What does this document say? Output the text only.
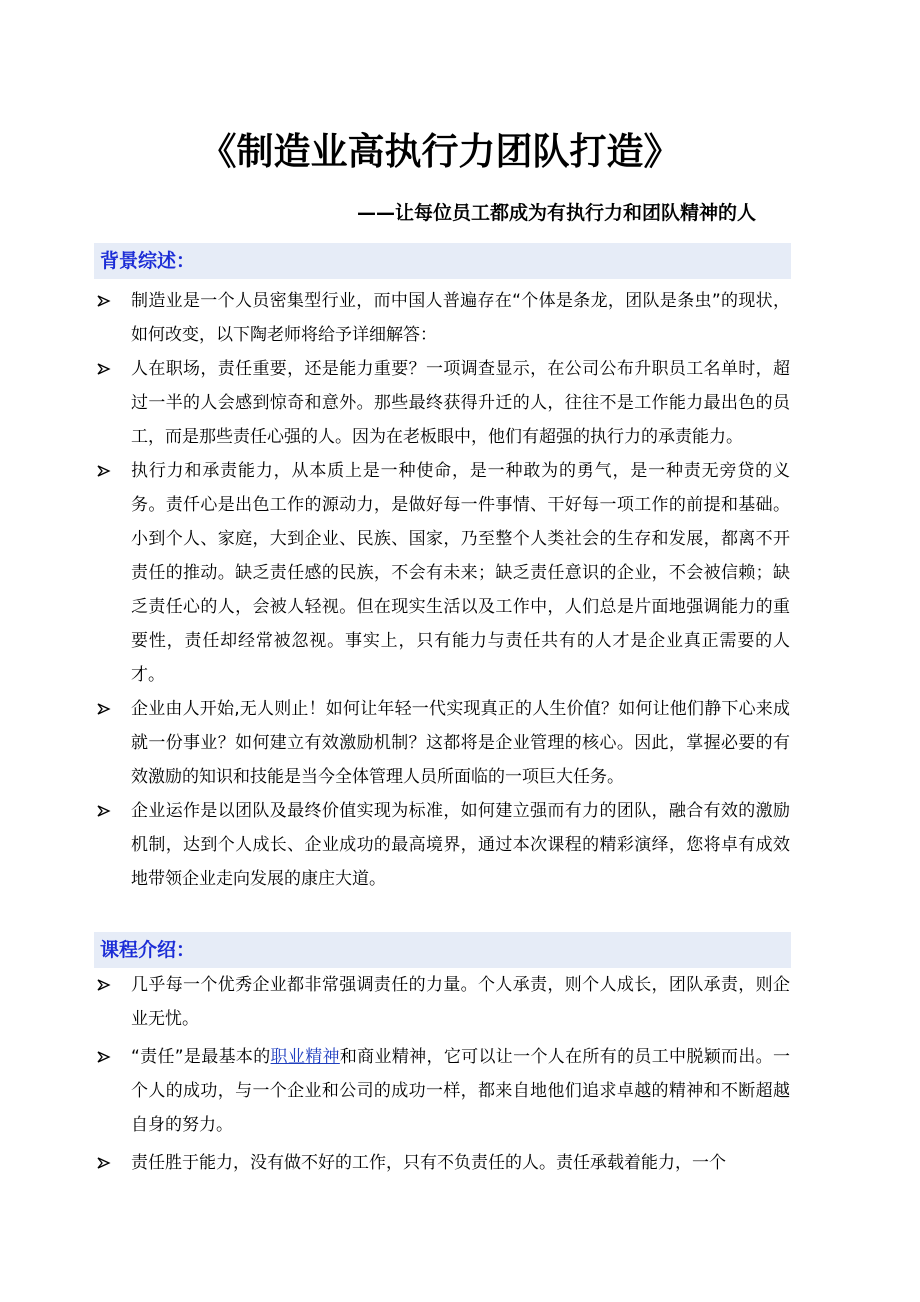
《制造业高执行力团队打造》

——让每位员工都成为有执行力和团队精神的人

背景综述：
制造业是一个人员密集型行业，而中国人普遍存在“个体是条龙，团队是条虫”的现状，如何改变，以下陶老师将给予详细解答：
人在职场，责任重要，还是能力重要？一项调查显示，在公司公布升职员工名单时，超过一半的人会感到惊奇和意外。那些最终获得升迁的人，往往不是工作能力最出色的员工，而是那些责任心强的人。因为在老板眼中，他们有超强的执行力的承责能力。
执行力和承责能力，从本质上是一种使命，是一种敢为的勇气，是一种责无旁贷的义务。责仟心是出色工作的源动力，是做好每一件事情、干好每一项工作的前提和基础。小到个人、家庭，大到企业、民族、国家，乃至整个人类社会的生存和发展，都离不开责任的推动。缺乏责任感的民族，不会有未来；缺乏责任意识的企业，不会被信赖；缺乏责任心的人，会被人轻视。但在现实生活以及工作中，人们总是片面地强调能力的重要性，责任却经常被忽视。事实上，只有能力与责任共有的人才是企业真正需要的人才。
企业由人开始,无人则止！如何让年轻一代实现真正的人生价值？如何让他们静下心来成就一份事业？如何建立有效激励机制？这都将是企业管理的核心。因此，掌握必要的有效激励的知识和技能是当今全体管理人员所面临的一项巨大任务。
企业运作是以团队及最终价值实现为标准，如何建立强而有力的团队，融合有效的激励机制，达到个人成长、企业成功的最高境界，通过本次课程的精彩演绎，您将卓有成效地带领企业走向发展的康庄大道。
课程介绍：
几乎每一个优秀企业都非常强调责任的力量。个人承责，则个人成长，团队承责，则企业无忧。
“责任”是最基本的职业精神和商业精神，它可以让一个人在所有的员工中脱颖而出。一个人的成功，与一个企业和公司的成功一样，都来自地他们追求卓越的精神和不断超越自身的努力。
责任胜于能力，没有做不好的工作，只有不负责任的人。责任承载着能力，一个
